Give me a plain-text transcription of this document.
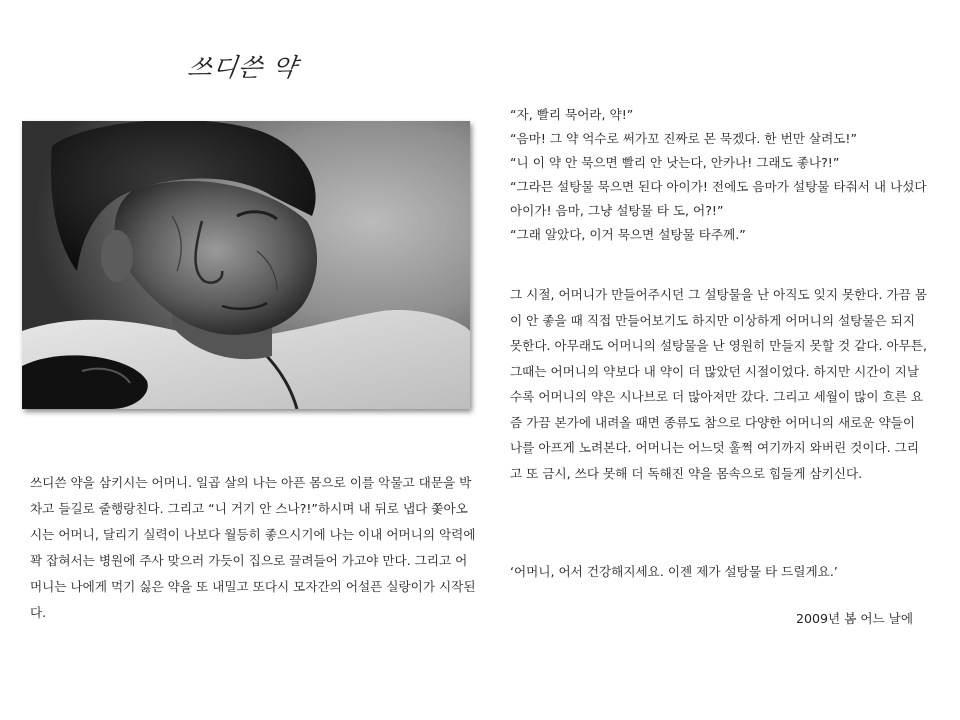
쓰디쓴 약
쓰디쓴 약을 삼키시는 어머니. 일곱 살의 나는 아픈 몸으로 이를 악물고 대문을 박차고 들길로 줄행랑친다. 그리고 “니 거기 안 스나?!”하시며 내 뒤로 냅다 쫓아오시는 어머니, 달리기 실력이 나보다 월등히 좋으시기에 나는 이내 어머니의 악력에 꽉 잡혀서는 병원에 주사 맞으러 가듯이 집으로 끌려들어 가고야 만다. 그리고 어머니는 나에게 먹기 싫은 약을 또 내밀고 또다시 모자간의 어설픈 실랑이가 시작된다.

“자, 빨리 묵어라, 약!”

“음마! 그 약 억수로 써가꼬 진짜로 몬 묵겠다. 한 번만 살려도!”

“니 이 약 안 묵으면 빨리 안 낫는다, 안카나! 그래도 좋나?!”

“그라믄 설탕물 묵으면 된다 아이가! 전에도 음마가 설탕물 타줘서 내 나섰다 아이가! 음마, 그냥 설탕물 타 도, 어?!”

“그래 알았다, 이거 묵으면 설탕물 타주께.”

그 시절, 어머니가 만들어주시던 그 설탕물을 난 아직도 잊지 못한다. 가끔 몸이 안 좋을 때 직접 만들어보기도 하지만 이상하게 어머니의 설탕물은 되지 못한다. 아무래도 어머니의 설탕물을 난 영원히 만들지 못할 것 같다. 아무튼, 그때는 어머니의 약보다 내 약이 더 많았던 시절이었다. 하지만 시간이 지날수록 어머니의 약은 시나브로 더 많아져만 갔다. 그리고 세월이 많이 흐른 요즘 가끔 본가에 내려올 때면 종류도 참으로 다양한 어머니의 새로운 약들이 나를 아프게 노려본다. 어머니는 어느덧 훌쩍 여기까지 와버린 것이다. 그리고 또 금시, 쓰다 못해 더 독해진 약을 몸속으로 힘들게 삼키신다.

‘어머니, 어서 건강해지세요. 이젠 제가 설탕물 타 드릴게요.’
2009년 봄 어느 날에
